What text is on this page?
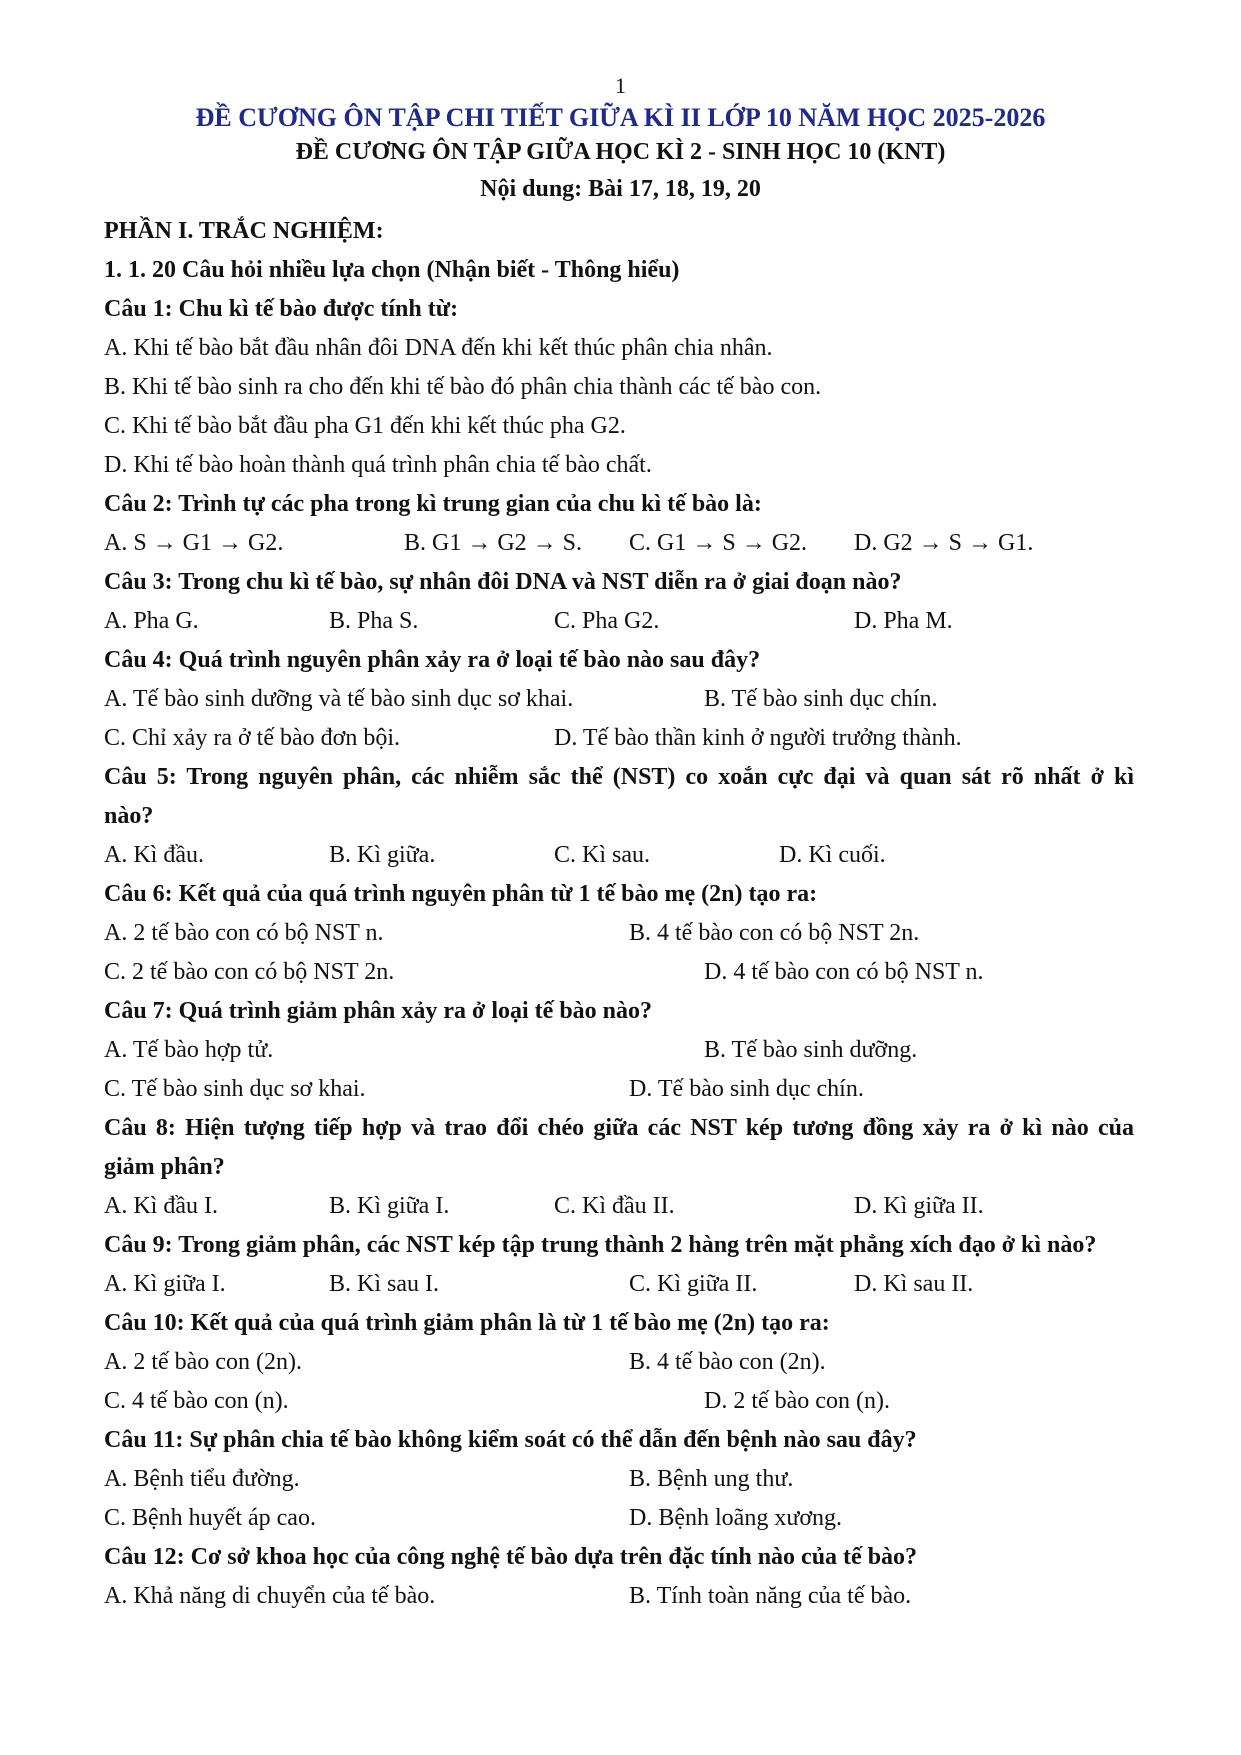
1
ĐỀ CƯƠNG ÔN TẬP CHI TIẾT GIỮA KÌ II LỚP 10 NĂM HỌC 2025-2026
ĐỀ CƯƠNG ÔN TẬP GIỮA HỌC KÌ 2 - SINH HỌC 10 (KNT)
Nội dung: Bài 17, 18, 19, 20
PHẦN I. TRẮC NGHIỆM:
1. 1. 20 Câu hỏi nhiều lựa chọn (Nhận biết - Thông hiểu)
Câu 1: Chu kì tế bào được tính từ:
A. Khi tế bào bắt đầu nhân đôi DNA đến khi kết thúc phân chia nhân.
B. Khi tế bào sinh ra cho đến khi tế bào đó phân chia thành các tế bào con.
C. Khi tế bào bắt đầu pha G1 đến khi kết thúc pha G2.
D. Khi tế bào hoàn thành quá trình phân chia tế bào chất.
Câu 2: Trình tự các pha trong kì trung gian của chu kì tế bào là:
A. S → G1 → G2.	B. G1 → G2 → S. C. G1 → S → G2. D. G2 → S → G1.
Câu 3: Trong chu kì tế bào, sự nhân đôi DNA và NST diễn ra ở giai đoạn nào?
A. Pha G.	B. Pha S.	C. Pha G2.	D. Pha M.
Câu 4: Quá trình nguyên phân xảy ra ở loại tế bào nào sau đây?
A. Tế bào sinh dưỡng và tế bào sinh dục sơ khai.	B. Tế bào sinh dục chín.
C. Chỉ xảy ra ở tế bào đơn bội.	D. Tế bào thần kinh ở người trưởng thành.
Câu 5: Trong nguyên phân, các nhiễm sắc thể (NST) co xoắn cực đại và quan sát rõ nhất ở kì
nào?
A. Kì đầu.	B. Kì giữa.	C. Kì sau.	D. Kì cuối.
Câu 6: Kết quả của quá trình nguyên phân từ 1 tế bào mẹ (2n) tạo ra:
A. 2 tế bào con có bộ NST n.	B. 4 tế bào con có bộ NST 2n.
C. 2 tế bào con có bộ NST 2n.	D. 4 tế bào con có bộ NST n.
Câu 7: Quá trình giảm phân xảy ra ở loại tế bào nào?
A. Tế bào hợp tử.	B. Tế bào sinh dưỡng.
C. Tế bào sinh dục sơ khai.	D. Tế bào sinh dục chín.
Câu 8: Hiện tượng tiếp hợp và trao đổi chéo giữa các NST kép tương đồng xảy ra ở kì nào của
giảm phân?
A. Kì đầu I.	B. Kì giữa I.	C. Kì đầu II.	D. Kì giữa II.
Câu 9: Trong giảm phân, các NST kép tập trung thành 2 hàng trên mặt phẳng xích đạo ở kì nào?
A. Kì giữa I.	B. Kì sau I.	C. Kì giữa II.	D. Kì sau II.
Câu 10: Kết quả của quá trình giảm phân là từ 1 tế bào mẹ (2n) tạo ra:
A. 2 tế bào con (2n).	B. 4 tế bào con (2n).
C. 4 tế bào con (n).	D. 2 tế bào con (n).
Câu 11: Sự phân chia tế bào không kiểm soát có thể dẫn đến bệnh nào sau đây?
A. Bệnh tiểu đường.	B. Bệnh ung thư.
C. Bệnh huyết áp cao.	D. Bệnh loãng xương.
Câu 12: Cơ sở khoa học của công nghệ tế bào dựa trên đặc tính nào của tế bào?
A. Khả năng di chuyển của tế bào.	B. Tính toàn năng của tế bào.
